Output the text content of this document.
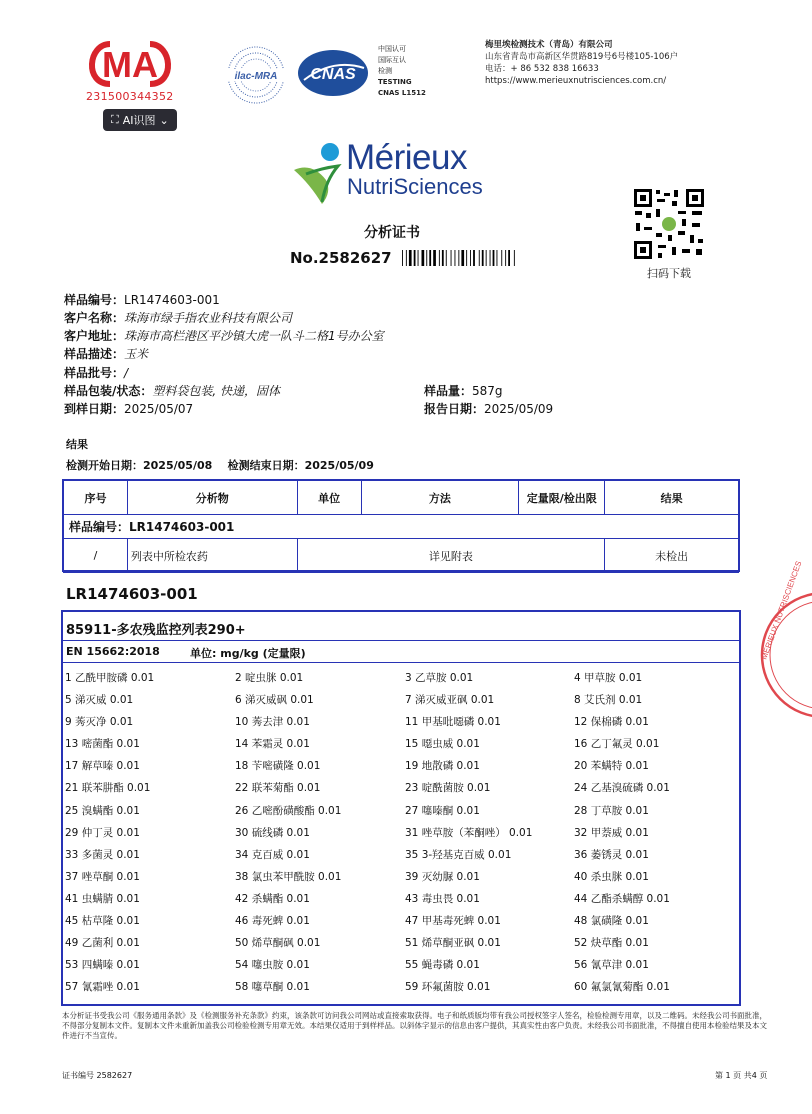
MA
231500344352
⛶ AI识图 ⌄
ilac-MRA CNAS
中国认可
国际互认
检测
TESTING
CNAS L1512
梅里埃检测技术（青岛）有限公司
山东省青岛市高新区华贯路819号6号楼105-106户
电话：+ 86 532 838 16633
https://www.merieuxnutrisciences.com.cn/
Mérieux
NutriSciences
扫码下载
分析证书
No.2582627
样品编号：LR1474603-001
客户名称：珠海市绿手指农业科技有限公司
客户地址：珠海市高栏港区平沙镇大虎一队斗二格1号办公室
样品描述：玉米
样品批号：/
样品包装/状态：塑料袋包装, 快递，固体	样品量：587g
到样日期：2025/05/07	报告日期：2025/05/09
结果
检测开始日期：2025/05/08 检测结束日期：2025/05/09
序号	分析物	单位	方法	定量限/检出限	结果
样品编号：LR1474603-001					
/	列表中所检农药	详见附表			未检出
LR1474603-001
85911-多农残监控列表290+
EN 15662:2018	单位: mg/kg (定量限)
1 乙酰甲胺磷 0.01	2 啶虫脒 0.01	3 乙草胺 0.01	4 甲草胺 0.01
5 涕灭威 0.01	6 涕灭威砜 0.01	7 涕灭威亚砜 0.01	8 艾氏剂 0.01
9 莠灭净 0.01	10 莠去津 0.01	11 甲基吡噁磷 0.01	12 保棉磷 0.01
13 嘧菌酯 0.01	14 苯霜灵 0.01	15 噁虫威 0.01	16 乙丁氟灵 0.01
17 解草嗪 0.01	18 苄嘧磺隆 0.01	19 地散磷 0.01	20 苯螨特 0.01
21 联苯肼酯 0.01	22 联苯菊酯 0.01	23 啶酰菌胺 0.01	24 乙基溴硫磷 0.01
25 溴螨酯 0.01	26 乙嘧酚磺酸酯 0.01	27 噻嗪酮 0.01	28 丁草胺 0.01
29 仲丁灵 0.01	30 硫线磷 0.01	31 唑草胺（苯酮唑） 0.01	32 甲萘威 0.01
33 多菌灵 0.01	34 克百威 0.01	35 3-羟基克百威 0.01	36 萎锈灵 0.01
37 唑草酮 0.01	38 氯虫苯甲酰胺 0.01	39 灭幼脲 0.01	40 杀虫脒 0.01
41 虫螨腈 0.01	42 杀螨酯 0.01	43 毒虫畏 0.01	44 乙酯杀螨醇 0.01
45 枯草隆 0.01	46 毒死蜱 0.01	47 甲基毒死蜱 0.01	48 氯磺隆 0.01
49 乙菌利 0.01	50 烯草酮砜 0.01	51 烯草酮亚砜 0.01	52 炔草酯 0.01
53 四螨嗪 0.01	54 噻虫胺 0.01	55 蝇毒磷 0.01	56 氰草津 0.01
57 氰霜唑 0.01	58 噻草酮 0.01	59 环氟菌胺 0.01	60 氟氯氰菊酯 0.01
MERIEUX NUTRISCIENCES
本分析证书受我公司《服务通用条款》及《检测服务补充条款》约束，该条款可访问我公司网站或直接索取获得。电子和纸质版均带有我公司授权签字人签名，检验检测专用章，以及二维码。未经我公司书面批准，不得部分复制本文件。复制本文件未重新加盖我公司检验检测专用章无效。本结果仅适用于到样样品。以斜体字显示的信息由客户提供，其真实性由客户负责。未经我公司书面批准，不得擅自使用本检验结果及本文件进行不当宣传。
证书编号 2582627	第 1 页 共4 页
